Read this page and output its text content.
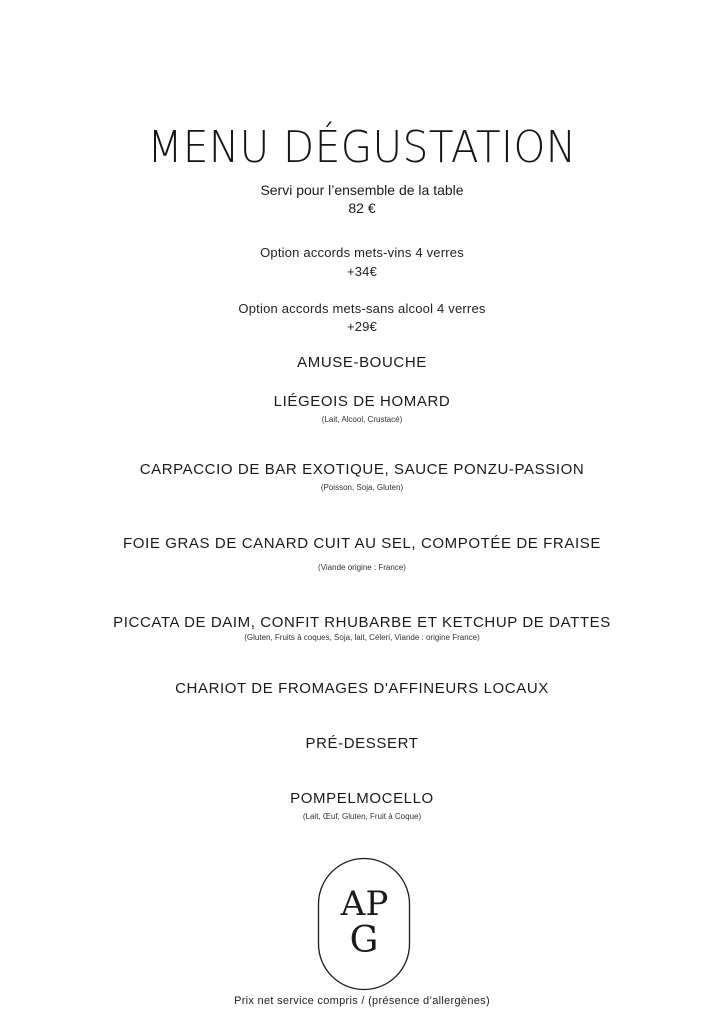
MENU DÉGUSTATION
Servi pour l’ensemble de la table
82 €
Option accords mets-vins 4 verres
+34€
Option accords mets-sans alcool 4 verres
+29€
AMUSE-BOUCHE
LIÉGEOIS DE HOMARD
(Lait, Alcool, Crustacé)
CARPACCIO DE BAR EXOTIQUE, SAUCE PONZU-PASSION
(Poisson, Soja, Gluten)
FOIE GRAS DE CANARD CUIT AU SEL, COMPOTÉE DE FRAISE
(Viande origine : France)
PICCATA DE DAIM, CONFIT RHUBARBE ET KETCHUP DE DATTES
(Gluten, Fruits à coques, Soja, lait, Céleri, Viande : origine France)
CHARIOT DE FROMAGES D'AFFINEURS LOCAUX
PRÉ-DESSERT
POMPELMOCELLO
(Lait, Œuf, Gluten, Fruit à Coque)
A P
G
Prix net service compris / (présence d’allergènes)
